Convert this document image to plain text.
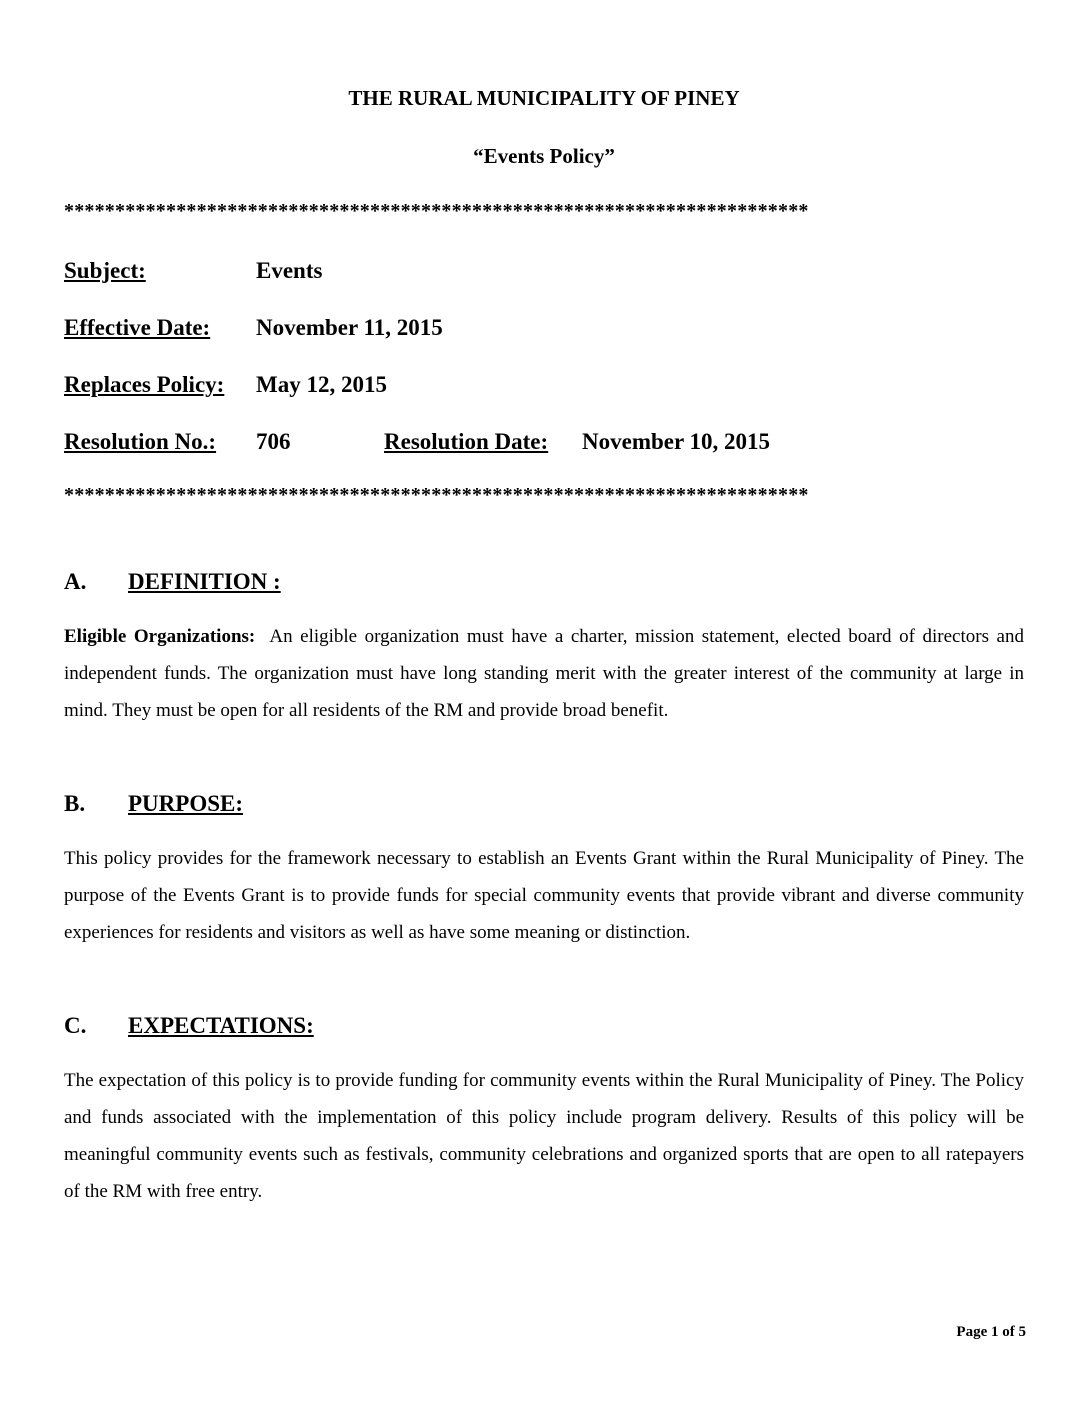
THE RURAL MUNICIPALITY OF PINEY
“Events Policy”
*************************************************************************
Subject:	Events
Effective Date: November 11, 2015
Replaces Policy: May 12, 2015
Resolution No.: 706	Resolution Date: November 10, 2015
*************************************************************************
A. DEFINITION :

Eligible Organizations: An eligible organization must have a charter, mission statement, elected board of directors and independent funds. The organization must have long standing merit with the greater interest of the community at large in mind. They must be open for all residents of the RM and provide broad benefit.

B. PURPOSE:

This policy provides for the framework necessary to establish an Events Grant within the Rural Municipality of Piney. The purpose of the Events Grant is to provide funds for special community events that provide vibrant and diverse community experiences for residents and visitors as well as have some meaning or distinction.

C. EXPECTATIONS:

The expectation of this policy is to provide funding for community events within the Rural Municipality of Piney. The Policy and funds associated with the implementation of this policy include program delivery. Results of this policy will be meaningful community events such as festivals, community celebrations and organized sports that are open to all ratepayers of the RM with free entry.

Page 1 of 5
